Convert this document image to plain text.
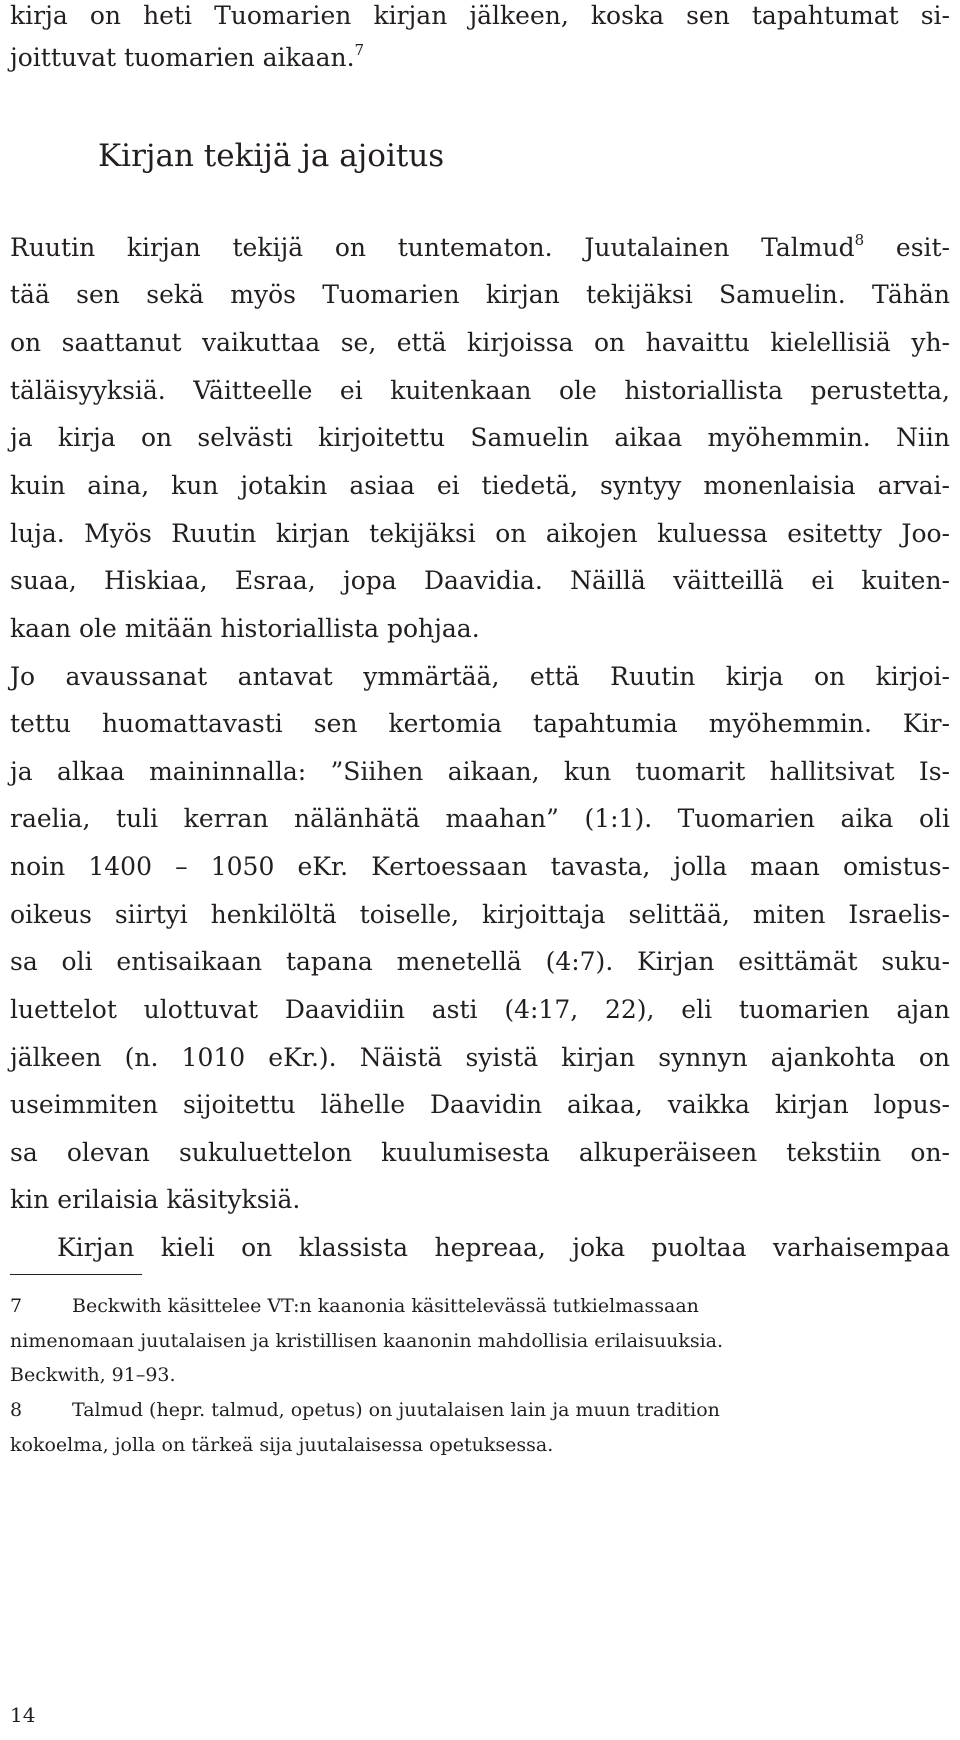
kirja on heti Tuomarien kirjan jälkeen, koska sen tapahtumat si-
joittuvat tuomarien aikaan.$^7$
Kirjan tekijä ja ajoitus
Ruutin kirjan tekijä on tuntematon. Juutalainen Talmud$^8$ esit-
tää sen sekä myös Tuomarien kirjan tekijäksi Samuelin. Tähän
on saattanut vaikuttaa se, että kirjoissa on havaittu kielellisiä yh-
täläisyyksiä. Väitteelle ei kuitenkaan ole historiallista perustetta,
ja kirja on selvästi kirjoitettu Samuelin aikaa myöhemmin. Niin
kuin aina, kun jotakin asiaa ei tiedetä, syntyy monenlaisia arvai-
luja. Myös Ruutin kirjan tekijäksi on aikojen kuluessa esitetty Joo-
suaa, Hiskiaa, Esraa, jopa Daavidia. Näillä väitteillä ei kuiten-
kaan ole mitään historiallista pohjaa.
Jo avaussanat antavat ymmärtää, että Ruutin kirja on kirjoi-
tettu huomattavasti sen kertomia tapahtumia myöhemmin. Kir-
ja alkaa maininnalla: ”Siihen aikaan, kun tuomarit hallitsivat Is-
raelia, tuli kerran nälänhätä maahan” (1:1). Tuomarien aika oli
noin 1400 – 1050 eKr. Kertoessaan tavasta, jolla maan omistus-
oikeus siirtyi henkilöltä toiselle, kirjoittaja selittää, miten Israelis-
sa oli entisaikaan tapana menetellä (4:7). Kirjan esittämät suku-
luettelot ulottuvat Daavidiin asti (4:17, 22), eli tuomarien ajan
jälkeen (n. 1010 eKr.). Näistä syistä kirjan synnyn ajankohta on
useimmiten sijoitettu lähelle Daavidin aikaa, vaikka kirjan lopus-
sa olevan sukuluettelon kuulumisesta alkuperäiseen tekstiin on-
kin erilaisia käsityksiä.
Kirjan kieli on klassista hepreaa, joka puoltaa varhaisempaa
7	Beckwith käsittelee VT:n kaanonia käsittelevässä tutkielmassaan
nimenomaan juutalaisen ja kristillisen kaanonin mahdollisia erilaisuuksia.
Beckwith, 91–93.
8	Talmud (hepr. talmud, opetus) on juutalaisen lain ja muun tradition
kokoelma, jolla on tärkeä sija juutalaisessa opetuksessa.
14
